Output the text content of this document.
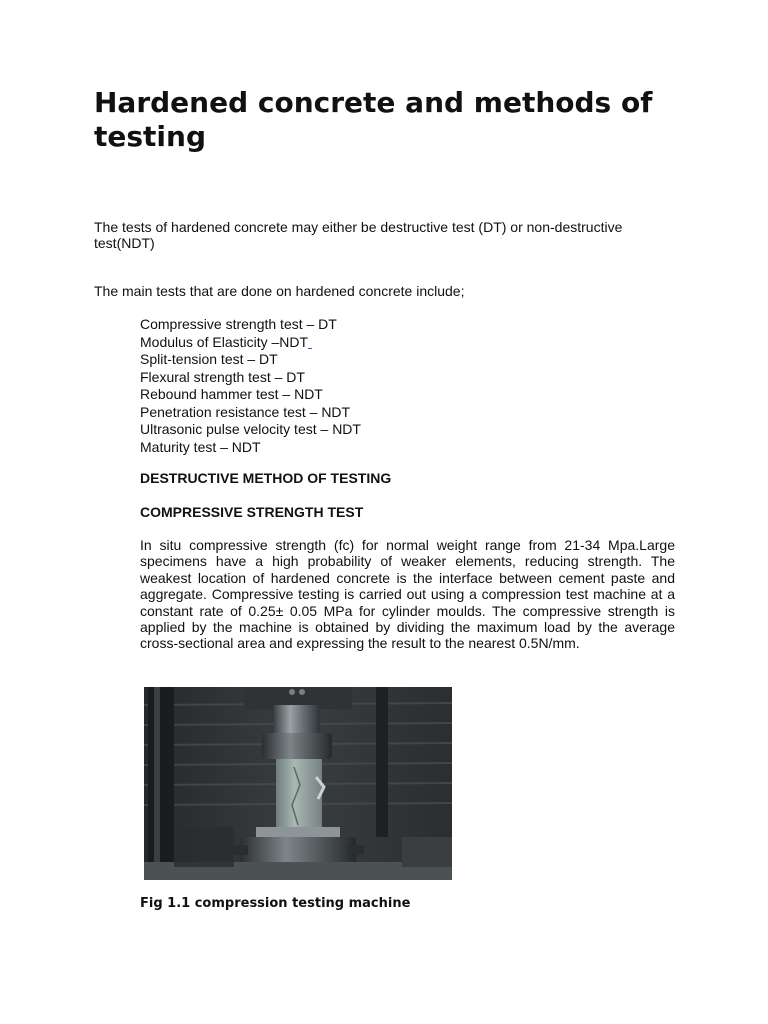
Hardened concrete and methods of testing

The tests of hardened concrete may either be destructive test (DT) or non-destructive test(NDT)

The main tests that are done on hardened concrete include;

Compressive strength test – DT
Modulus of Elasticity –NDT
Split-tension test – DT
Flexural strength test – DT
Rebound hammer test – NDT
Penetration resistance test – NDT
Ultrasonic pulse velocity test – NDT
Maturity test – NDT
DESTRUCTIVE METHOD OF TESTING
COMPRESSIVE STRENGTH TEST

In situ compressive strength (fc) for normal weight range from 21-34 Mpa.Large specimens have a high probability of weaker elements, reducing strength. The weakest location of hardened concrete is the interface between cement paste and aggregate. Compressive testing is carried out using a compression test machine at a constant rate of 0.25± 0.05 MPa for cylinder moulds. The compressive strength is applied by the machine is obtained by dividing the maximum load by the average cross-sectional area and expressing the result to the nearest 0.5N/mm.

Fig 1.1 compression testing machine
